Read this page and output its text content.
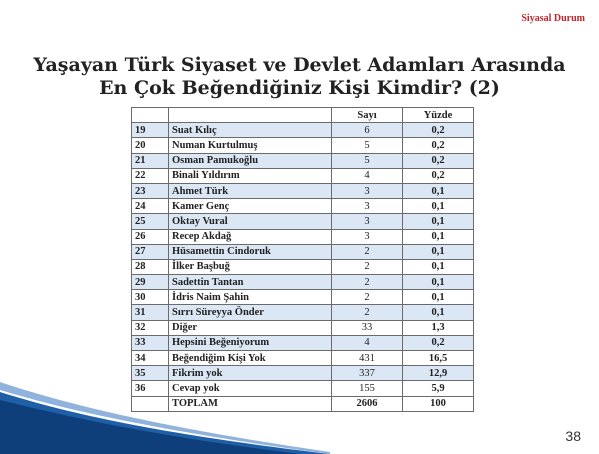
Siyasal Durum
Yaşayan Türk Siyaset ve Devlet Adamları Arasında
En Çok Beğendiğiniz Kişi Kimdir? (2)
		Sayı	Yüzde
19	Suat Kılıç	6	0,2
20	Numan Kurtulmuş	5	0,2
21	Osman Pamukoğlu	5	0,2
22	Binali Yıldırım	4	0,2
23	Ahmet Türk	3	0,1
24	Kamer Genç	3	0,1
25	Oktay Vural	3	0,1
26	Recep Akdağ	3	0,1
27	Hüsamettin Cindoruk	2	0,1
28	İlker Başbuğ	2	0,1
29	Sadettin Tantan	2	0,1
30	İdris Naim Şahin	2	0,1
31	Sırrı Süreyya Önder	2	0,1
32	Diğer	33	1,3
33	Hepsini Beğeniyorum	4	0,2
34	Beğendiğim Kişi Yok	431	16,5
35	Fikrim yok	337	12,9
36	Cevap yok	155	5,9
	TOPLAM	2606	100
38
